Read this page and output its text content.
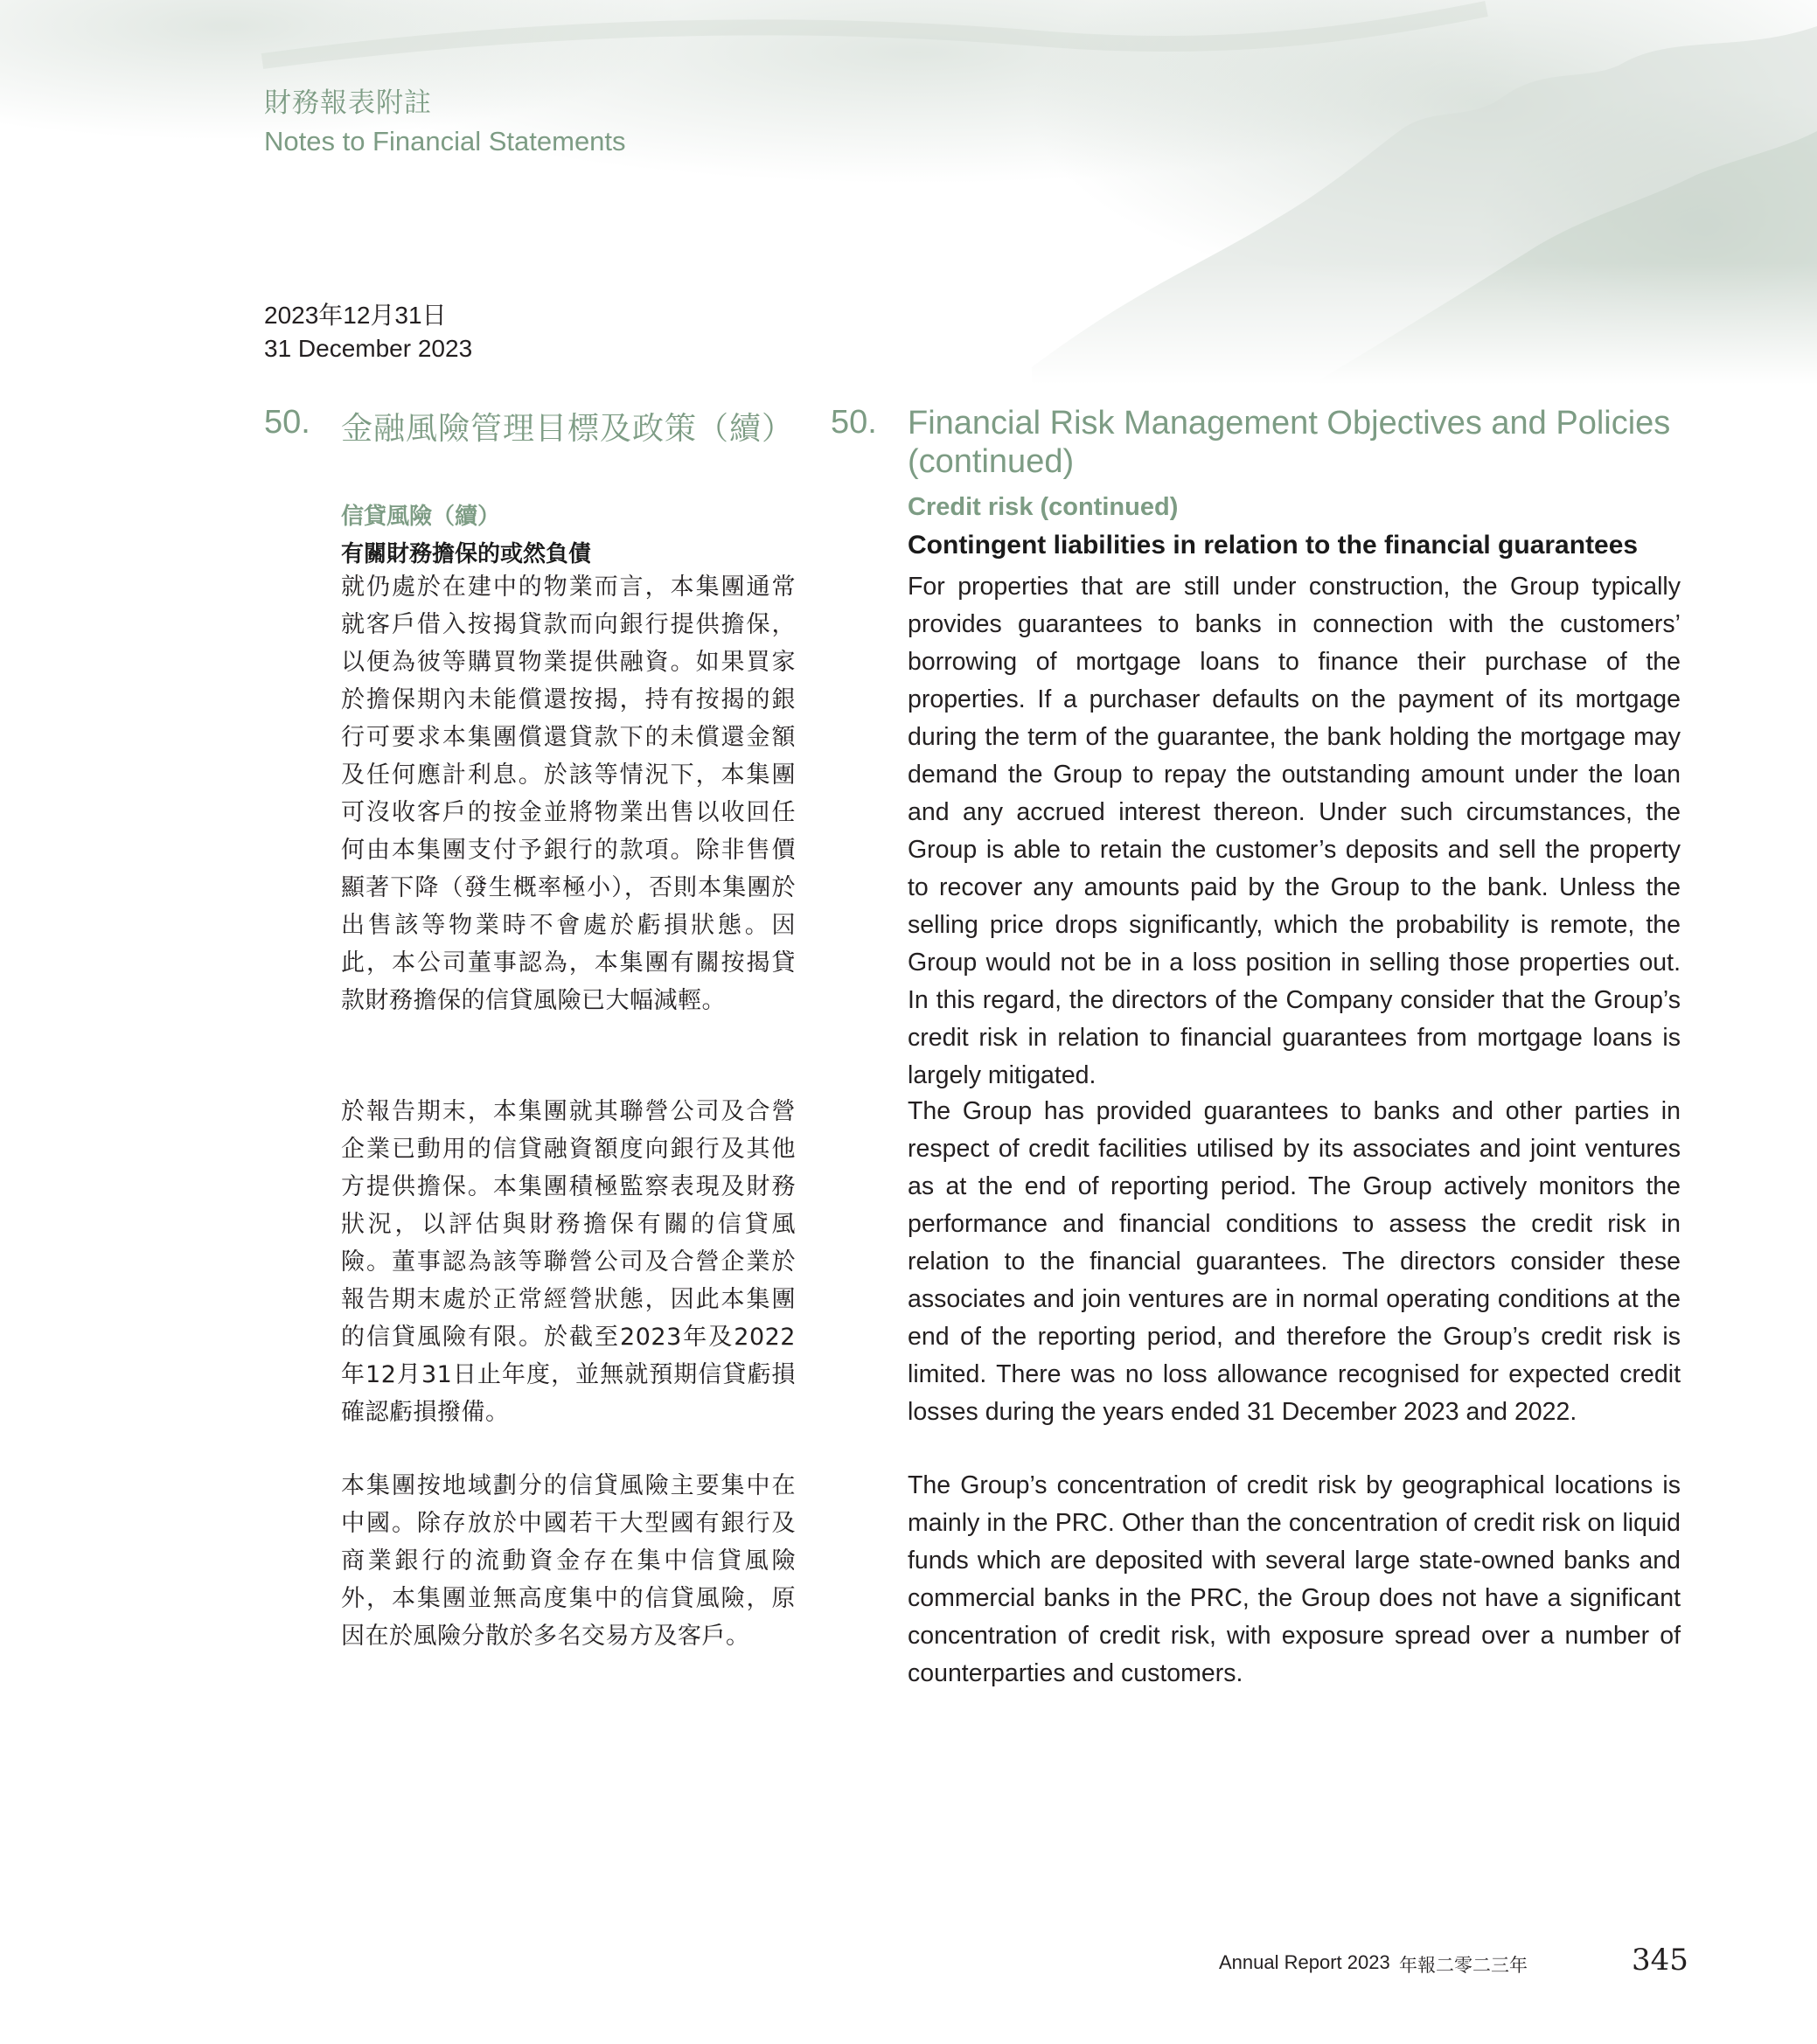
財務報表附註
Notes to Financial Statements
2023年12月31日
31 December 2023
50. 金融風險管理目標及政策（續） 50. Financial Risk Management Objectives and Policies (continued)
信貸風險（續）
有關財務擔保的或然負債

就仍處於在建中的物業而言，本集團通常就客戶借入按揭貸款而向銀行提供擔保，以便為彼等購買物業提供融資。如果買家於擔保期內未能償還按揭，持有按揭的銀行可要求本集團償還貸款下的未償還金額及任何應計利息。於該等情況下，本集團可沒收客戶的按金並將物業出售以收回任何由本集團支付予銀行的款項。除非售價顯著下降（發生概率極小），否則本集團於出售該等物業時不會處於虧損狀態。因此，本公司董事認為，本集團有關按揭貸款財務擔保的信貸風險已大幅減輕。

於報告期末，本集團就其聯營公司及合營企業已動用的信貸融資額度向銀行及其他方提供擔保。本集團積極監察表現及財務狀況，以評估與財務擔保有關的信貸風險。董事認為該等聯營公司及合營企業於報告期末處於正常經營狀態，因此本集團的信貸風險有限。於截至2023年及2022年12月31日止年度，並無就預期信貸虧損確認虧損撥備。

本集團按地域劃分的信貸風險主要集中在中國。除存放於中國若干大型國有銀行及商業銀行的流動資金存在集中信貸風險外，本集團並無高度集中的信貸風險，原因在於風險分散於多名交易方及客戶。

Credit risk (continued)
Contingent liabilities in relation to the financial guarantees

For properties that are still under construction, the Group typically provides guarantees to banks in connection with the customers’ borrowing of mortgage loans to finance their purchase of the properties. If a purchaser defaults on the payment of its mortgage during the term of the guarantee, the bank holding the mortgage may demand the Group to repay the outstanding amount under the loan and any accrued interest thereon. Under such circumstances, the Group is able to retain the customer’s deposits and sell the property to recover any amounts paid by the Group to the bank. Unless the selling price drops significantly, which the probability is remote, the Group would not be in a loss position in selling those properties out. In this regard, the directors of the Company consider that the Group’s credit risk in relation to financial guarantees from mortgage loans is largely mitigated.

The Group has provided guarantees to banks and other parties in respect of credit facilities utilised by its associates and joint ventures as at the end of reporting period. The Group actively monitors the performance and financial conditions to assess the credit risk in relation to the financial guarantees. The directors consider these associates and join ventures are in normal operating conditions at the end of the reporting period, and therefore the Group’s credit risk is limited. There was no loss allowance recognised for expected credit losses during the years ended 31 December 2023 and 2022.

The Group’s concentration of credit risk by geographical locations is mainly in the PRC. Other than the concentration of credit risk on liquid funds which are deposited with several large state-owned banks and commercial banks in the PRC, the Group does not have a significant concentration of credit risk, with exposure spread over a number of counterparties and customers.

Annual Report 2023 年報二零二三年	345
